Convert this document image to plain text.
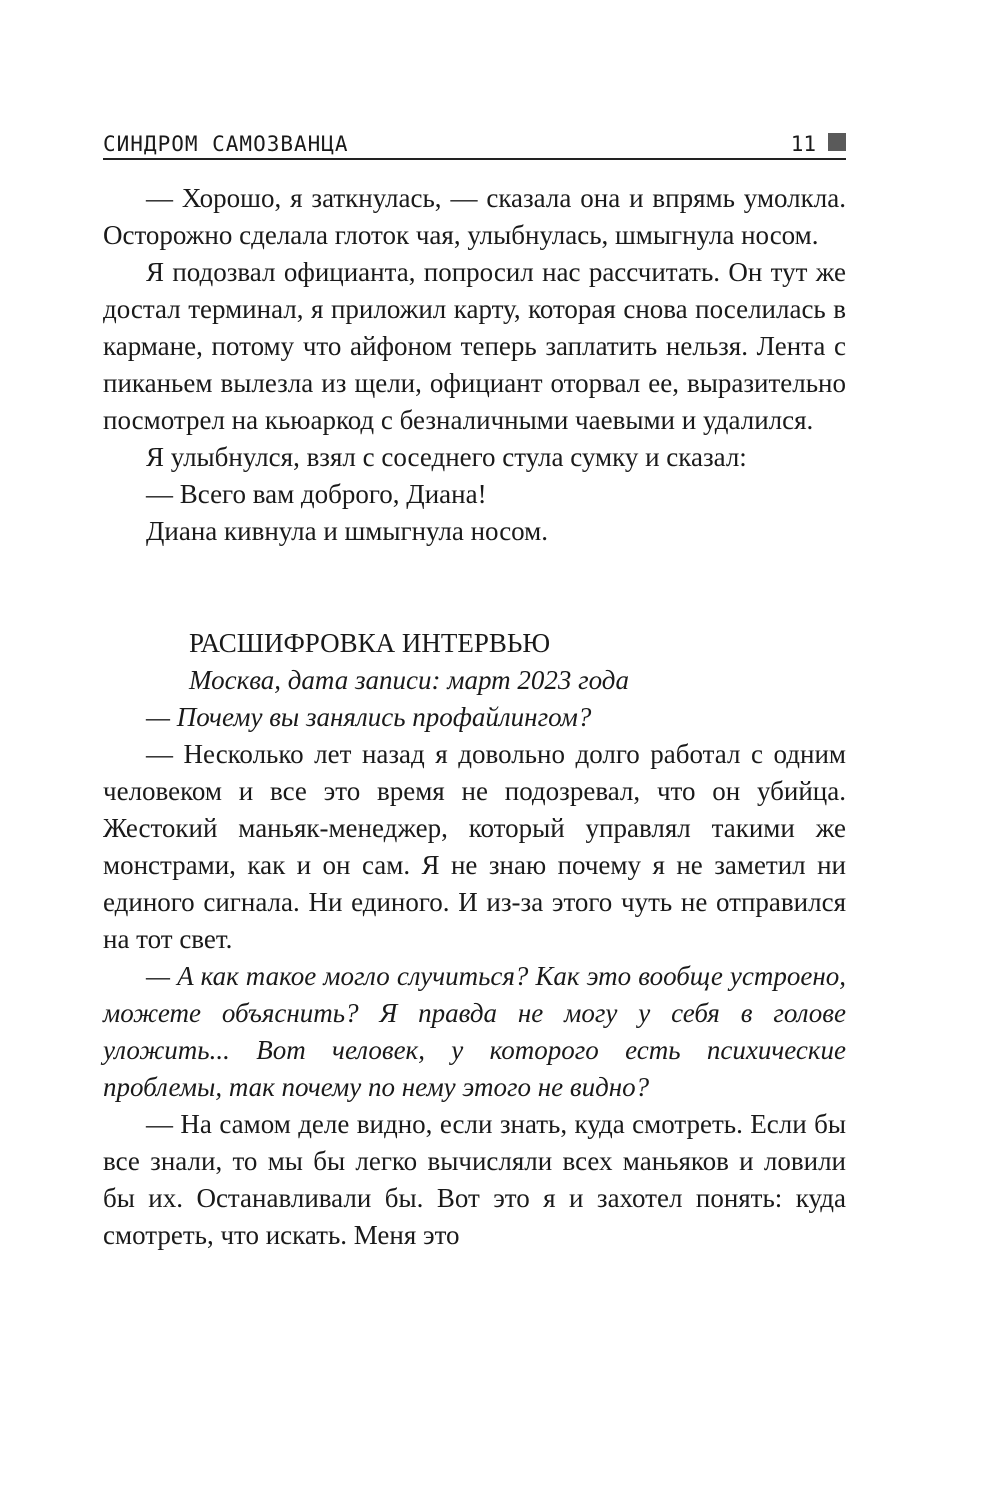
СИНДРОМ САМОЗВАНЦА	11

— Хорошо, я заткнулась, — сказала она и впрямь умолкла. Осторожно сделала глоток чая, улыбнулась, шмыгнула носом.

Я подозвал официанта, попросил нас рассчитать. Он тут же достал терминал, я приложил карту, которая снова поселилась в кармане, потому что айфоном теперь заплатить нельзя. Лента с пиканьем вылезла из щели, официант оторвал ее, выразительно посмотрел на кьюаркод с безналичными чаевыми и удалился.

Я улыбнулся, взял с соседнего стула сумку и сказал:

— Всего вам доброго, Диана!

Диана кивнула и шмыгнула носом.

РАСШИФРОВКА ИНТЕРВЬЮ

Москва, дата записи: март 2023 года

— Почему вы занялись профайлингом?

— Несколько лет назад я довольно долго работал с одним человеком и все это время не подозревал, что он убийца. Жестокий маньяк-менеджер, который управлял такими же монстрами, как и он сам. Я не знаю почему я не заметил ни единого сигнала. Ни единого. И из-за этого чуть не отправился на тот свет.

— А как такое могло случиться? Как это вообще устроено, можете объяснить? Я правда не могу у себя в голове уложить... Вот человек, у которого есть психические проблемы, так почему по нему этого не видно?

— На самом деле видно, если знать, куда смотреть. Если бы все знали, то мы бы легко вычисляли всех маньяков и ловили бы их. Останавливали бы. Вот это я и захотел понять: куда смотреть, что искать. Меня это
